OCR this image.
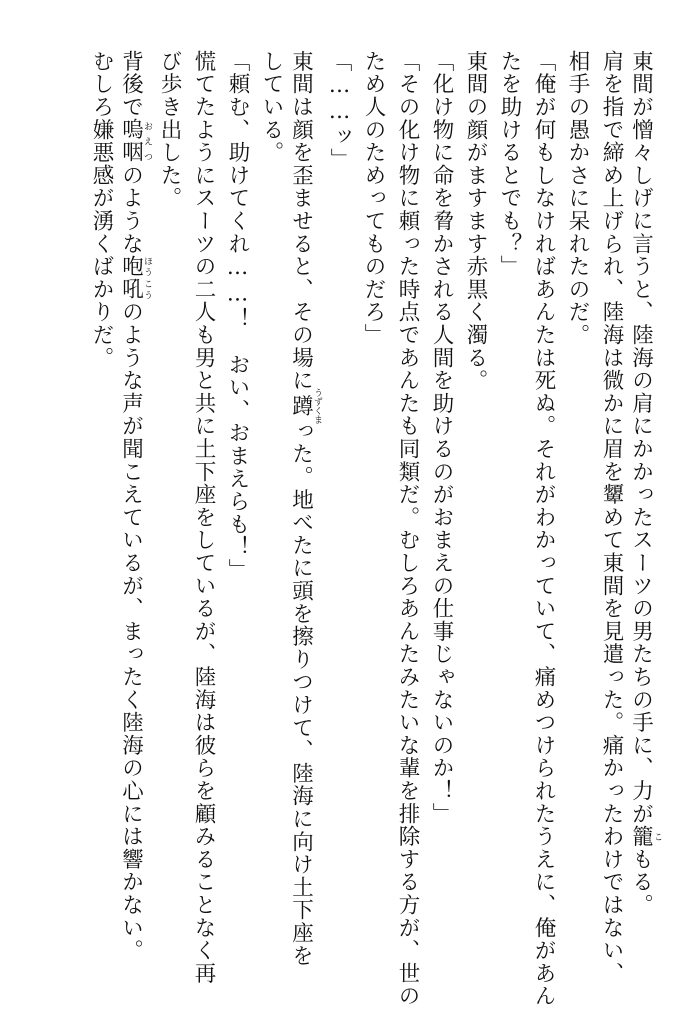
東間が憎々しげに言うと、陸海の肩にかかったスーツの男たちの手に、力が籠こもる。
肩を指で締め上げられ、陸海は微かに眉を顰めて東間を見遣った。痛かったわけではない、
相手の愚かさに呆れたのだ。
「俺が何もしなければあんたは死ぬ。それがわかっていて、痛めつけられたうえに、俺があん
たを助けるとでも？」
東間の顔がますます赤黒く濁る。
「化け物に命を脅かされる人間を助けるのがおまえの仕事じゃないのか！」
「その化け物に頼った時点であんたも同類だ。むしろあんたみたいな輩を排除する方が、世の
ため人のためってものだろ」
「……ッ」
東間は顔を歪ませると、その場に蹲うずくまった。地べたに頭を擦りつけて、陸海に向け土下座を
している。
「頼む、助けてくれ……！　おい、おまえらも！」
慌てたようにスーツの二人も男と共に土下座をしているが、陸海は彼らを顧みることなく再
び歩き出した。
背後で嗚咽おえつのような咆吼ほうこうのような声が聞こえているが、まったく陸海の心には響かない。
むしろ嫌悪感が湧くばかりだ。
